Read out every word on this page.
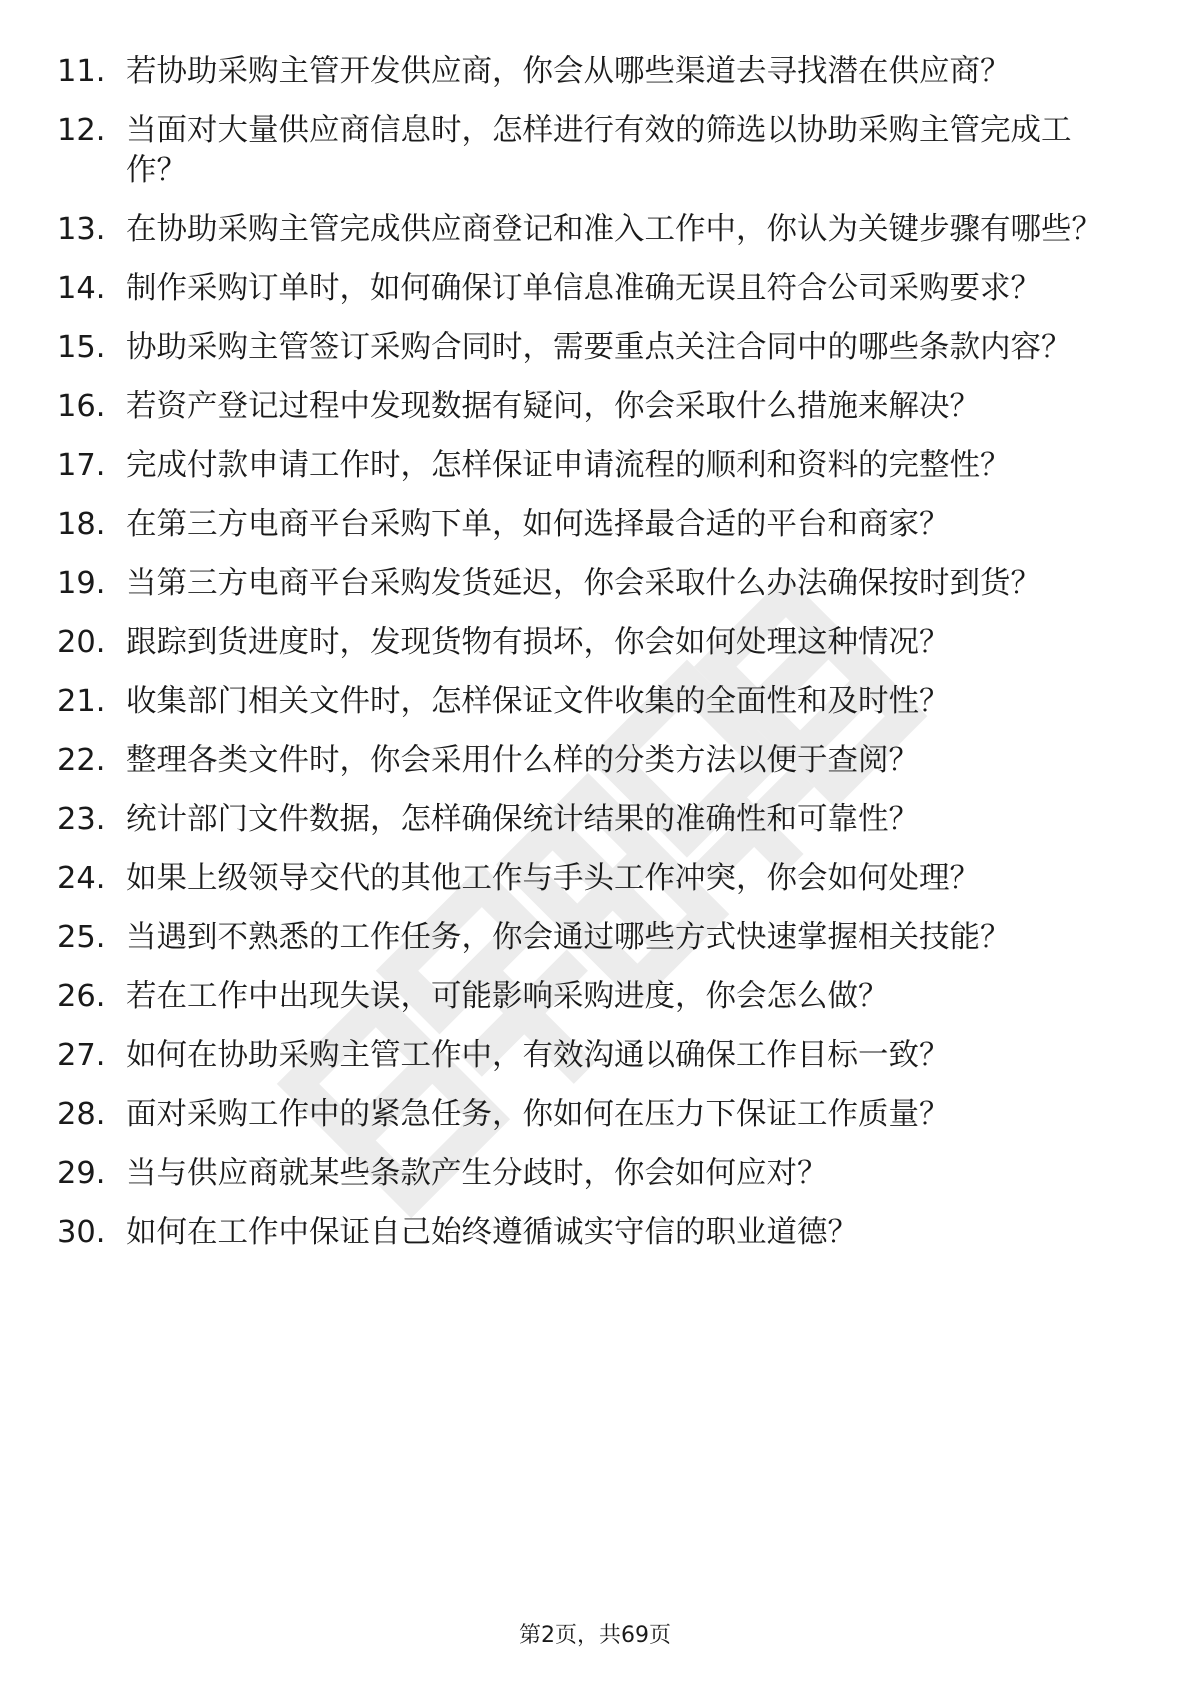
11. 若协助采购主管开发供应商，你会从哪些渠道去寻找潜在供应商？
12. 当面对大量供应商信息时，怎样进行有效的筛选以协助采购主管完成工作？
13. 在协助采购主管完成供应商登记和准入工作中，你认为关键步骤有哪些？
14. 制作采购订单时，如何确保订单信息准确无误且符合公司采购要求？
15. 协助采购主管签订采购合同时，需要重点关注合同中的哪些条款内容？
16. 若资产登记过程中发现数据有疑问，你会采取什么措施来解决？
17. 完成付款申请工作时，怎样保证申请流程的顺利和资料的完整性？
18. 在第三方电商平台采购下单，如何选择最合适的平台和商家？
19. 当第三方电商平台采购发货延迟，你会采取什么办法确保按时到货？
20. 跟踪到货进度时，发现货物有损坏，你会如何处理这种情况？
21. 收集部门相关文件时，怎样保证文件收集的全面性和及时性？
22. 整理各类文件时，你会采用什么样的分类方法以便于查阅？
23. 统计部门文件数据，怎样确保统计结果的准确性和可靠性？
24. 如果上级领导交代的其他工作与手头工作冲突，你会如何处理？
25. 当遇到不熟悉的工作任务，你会通过哪些方式快速掌握相关技能？
26. 若在工作中出现失误，可能影响采购进度，你会怎么做？
27. 如何在协助采购主管工作中，有效沟通以确保工作目标一致？
28. 面对采购工作中的紧急任务，你如何在压力下保证工作质量？
29. 当与供应商就某些条款产生分歧时，你会如何应对？
30. 如何在工作中保证自己始终遵循诚实守信的职业道德？
第2页，共69页
